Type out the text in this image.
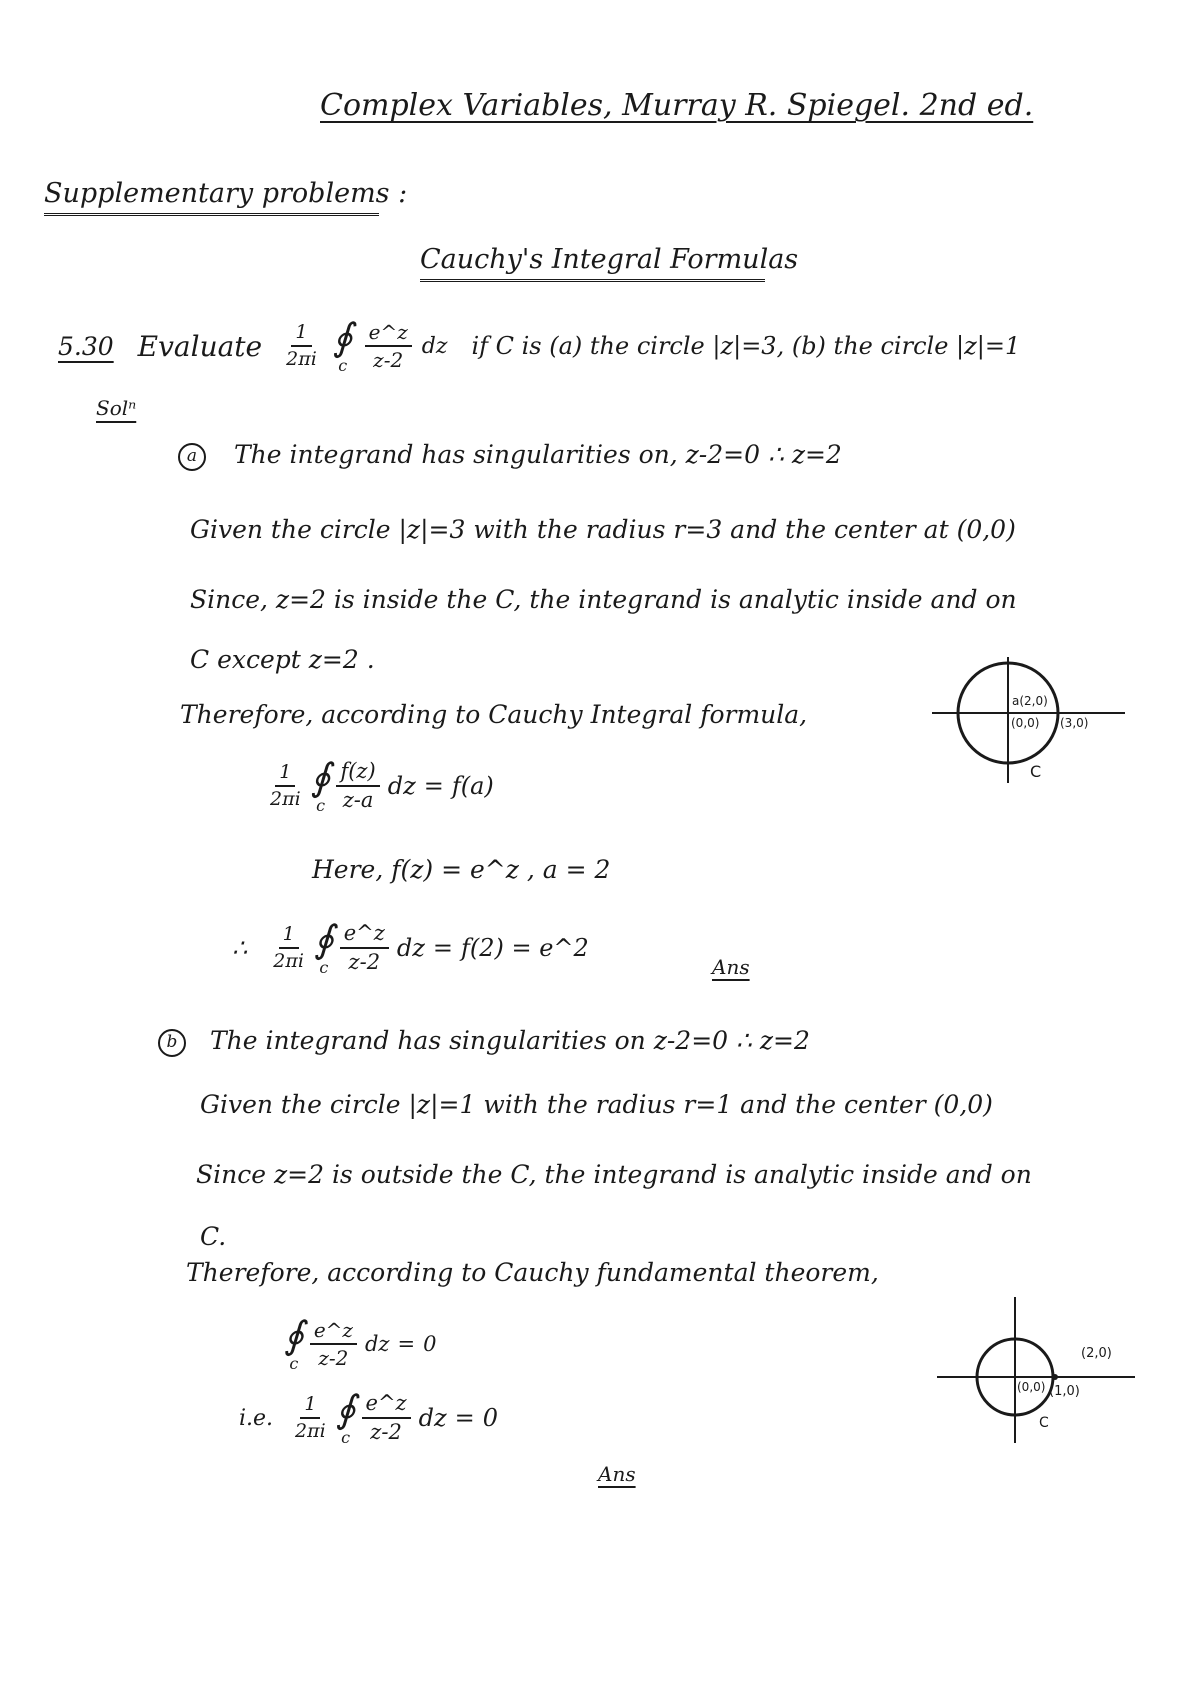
Complex Variables, Murray R. Spiegel. 2nd ed.
Supplementary problems :
Cauchy's Integral Formulas
5.30 Evaluate $\frac{1}{2\pi i}$ ∮
c $\frac{e\^{}z}{z-2}$ dz if C is (a) the circle |z|=3, (b) the circle |z|=1
Solⁿ
a The integrand has singularities on, z-2=0 ∴ z=2
Given the circle |z|=3 with the radius r=3 and the center at (0,0)
Since, z=2 is inside the C, the integrand is analytic inside and on
C except z=2 .
Therefore, according to Cauchy Integral formula,
$\frac{1}{2\pi i}$ ∮
c $\frac{f(z)}{z-a}$ dz = f(a)
Here, f(z) = e^z , a = 2
∴ $\frac{1}{2\pi i}$ ∮
c $\frac{e\^{}z}{z-2}$ dz = f(2) = e^2
Ans
a(2,0)
(0,0) (3,0)
C
b The integrand has singularities on z-2=0 ∴ z=2
Given the circle |z|=1 with the radius r=1 and the center (0,0)
Since z=2 is outside the C, the integrand is analytic inside and on
C.
Therefore, according to Cauchy fundamental theorem,
∮
c $\frac{e\^{}z}{z-2}$ dz = 0
i.e. $\frac{1}{2\pi i}$ ∮
c $\frac{e\^{}z}{z-2}$ dz = 0
Ans
(2,0)
(0,0) (1,0)
C
